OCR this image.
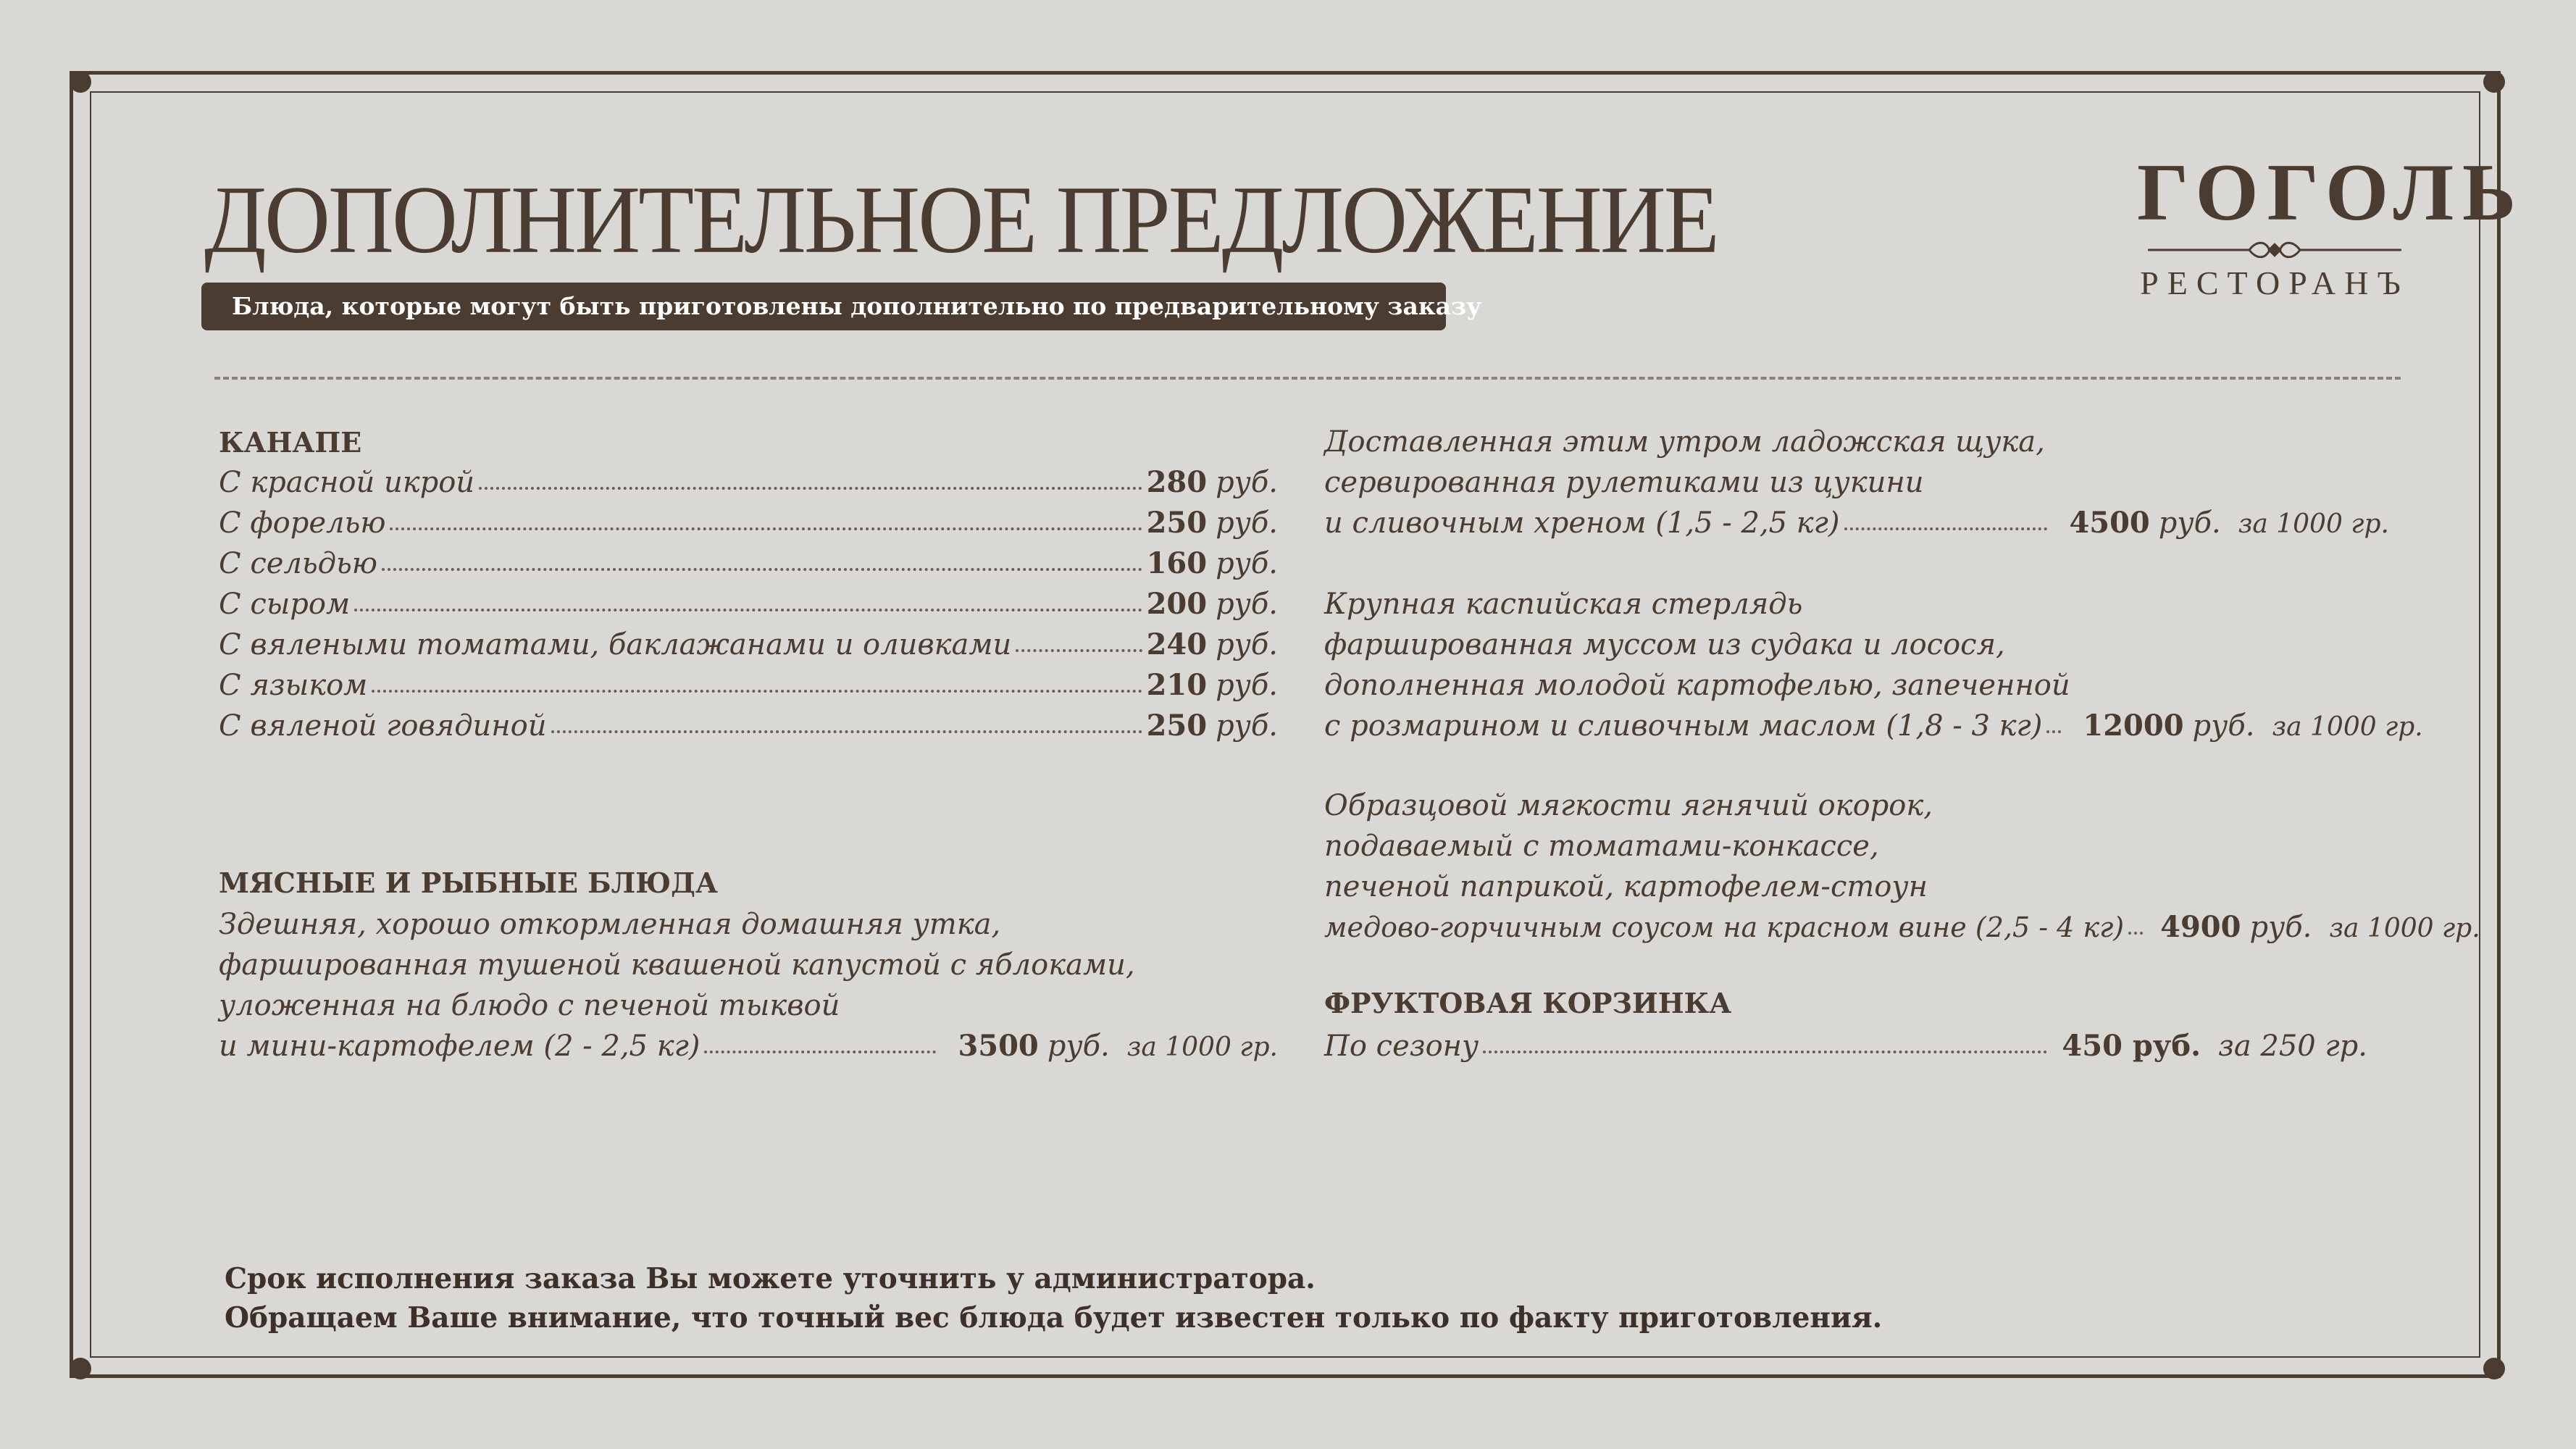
ДОПОЛНИТЕЛЬНОЕ ПРЕДЛОЖЕНИЕ
Блюда, которые могут быть приготовлены дополнительно по предварительному заказу
ГОГОЛЬ
РЕСТОРАНЪ
КАНАПЕ
С красной икрой	280 руб.
С форелью	250 руб.
С сельдью	160 руб.
С сыром	200 руб.
С вялеными томатами, баклажанами и оливками	240 руб.
С языком	210 руб.
С вяленой говядиной	250 руб.
МЯСНЫЕ И РЫБНЫЕ БЛЮДА
Здешняя, хорошо откормленная домашняя утка,
фаршированная тушеной квашеной капустой с яблоками,
уложенная на блюдо с печеной тыквой
и мини-картофелем (2 - 2,5 кг)	3500 руб. за 1000 гр.
Доставленная этим утром ладожская щука,
сервированная рулетиками из цукини
и сливочным хреном (1,5 - 2,5 кг)	4500 руб. за 1000 гр.
Крупная каспийская стерлядь
фаршированная муссом из судака и лосося,
дополненная молодой картофелью, запеченной
с розмарином и сливочным маслом (1,8 - 3 кг) 12000 руб. за 1000 гр.
Образцовой мягкости ягнячий окорок,
подаваемый с томатами-конкассе,
печеной паприкой, картофелем-стоун
медово-горчичным соусом на красном вине (2,5 - 4 кг) 4900 руб. за 1000 гр.
ФРУКТОВАЯ КОРЗИНКА
По сезону	450 руб. за 250 гр.
Срок исполнения заказа Вы можете уточнить у администратора.
Обращаем Ваше внимание, что точный вес блюда будет известен только по факту приготовления.
